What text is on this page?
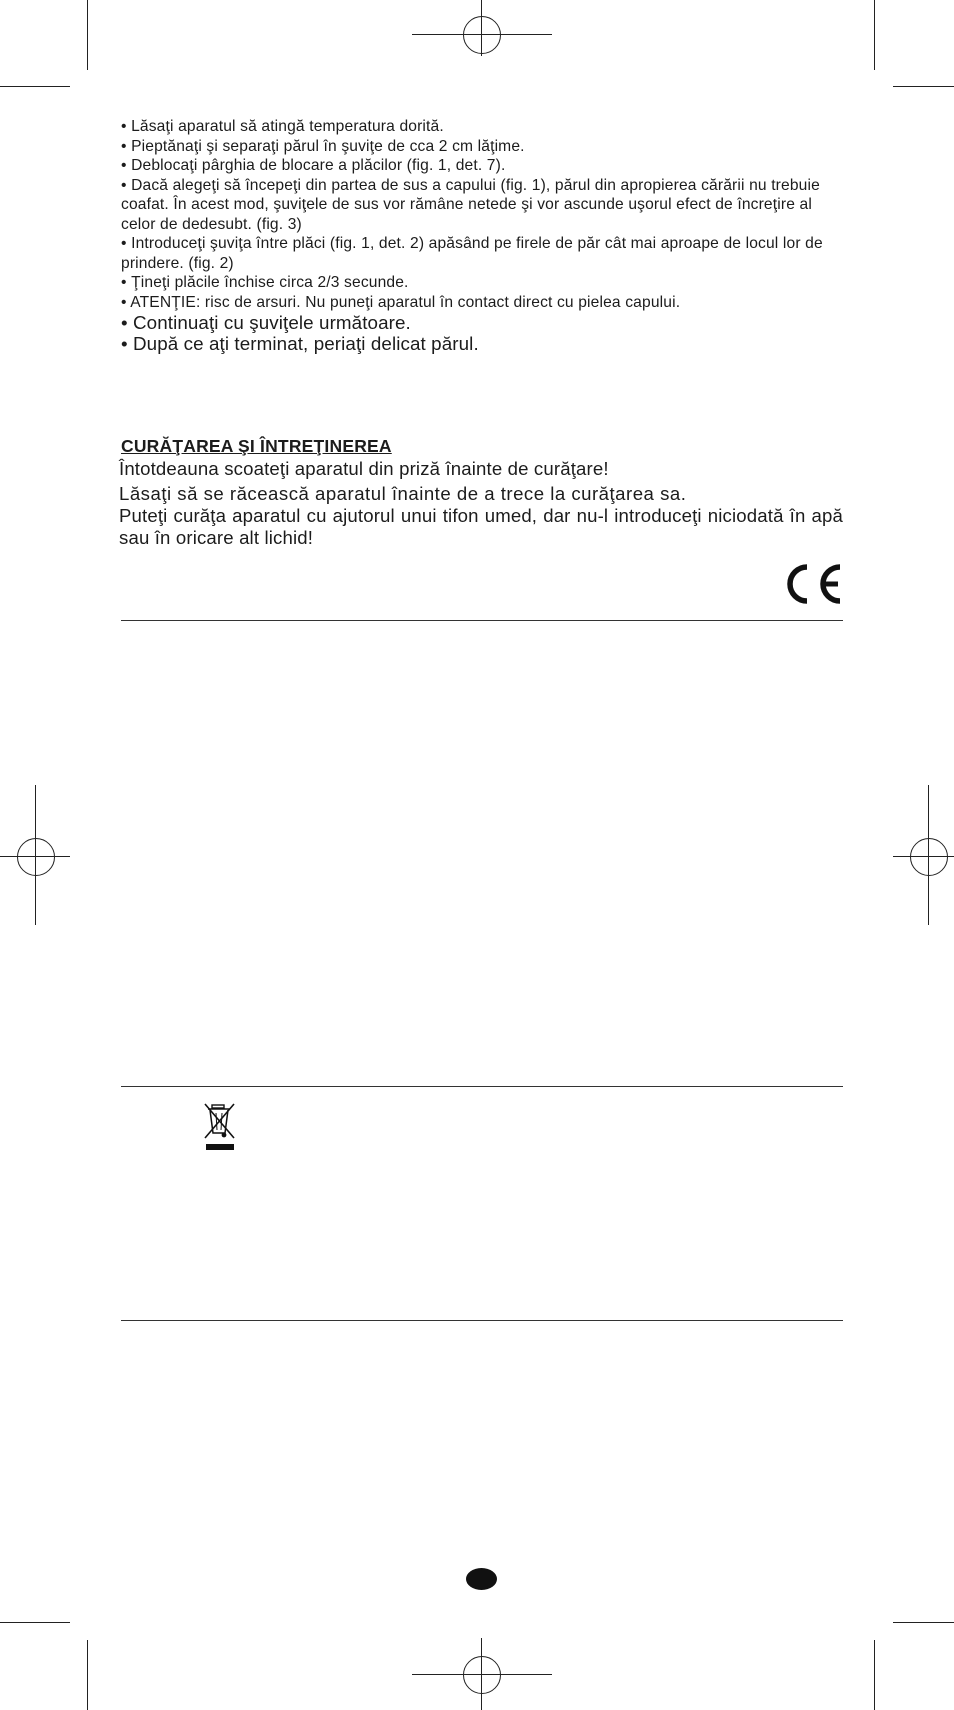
• Lăsaţi aparatul să atingă temperatura dorită.

• Pieptănaţi şi separaţi părul în şuviţe de cca 2 cm lăţime.

• Deblocaţi pârghia de blocare a plăcilor (fig. 1, det. 7).

• Dacă alegeţi să începeţi din partea de sus a capului (fig. 1), părul din apropierea cărării nu trebuie coafat. În acest mod, şuviţele de sus vor rămâne netede şi vor ascunde uşorul efect de încreţire al celor de dedesubt. (fig. 3)

• Introduceţi şuviţa între plăci (fig. 1, det. 2) apăsând pe firele de păr cât mai aproape de locul lor de prindere. (fig. 2)

• Ţineţi plăcile închise circa 2/3 secunde.

• ATENŢIE: risc de arsuri. Nu puneţi aparatul în contact direct cu pielea capului.

• Continuaţi cu şuviţele următoare.

• După ce aţi terminat, periaţi delicat părul.

CURĂŢAREA ŞI ÎNTREŢINEREA

Întotdeauna scoateţi aparatul din priză înainte de curăţare!

Lăsaţi să se răcească aparatul înainte de a trece la curăţarea sa.

Puteţi curăţa aparatul cu ajutorul unui tifon umed, dar nu-l introduceţi niciodată în apă sau în oricare alt lichid!
